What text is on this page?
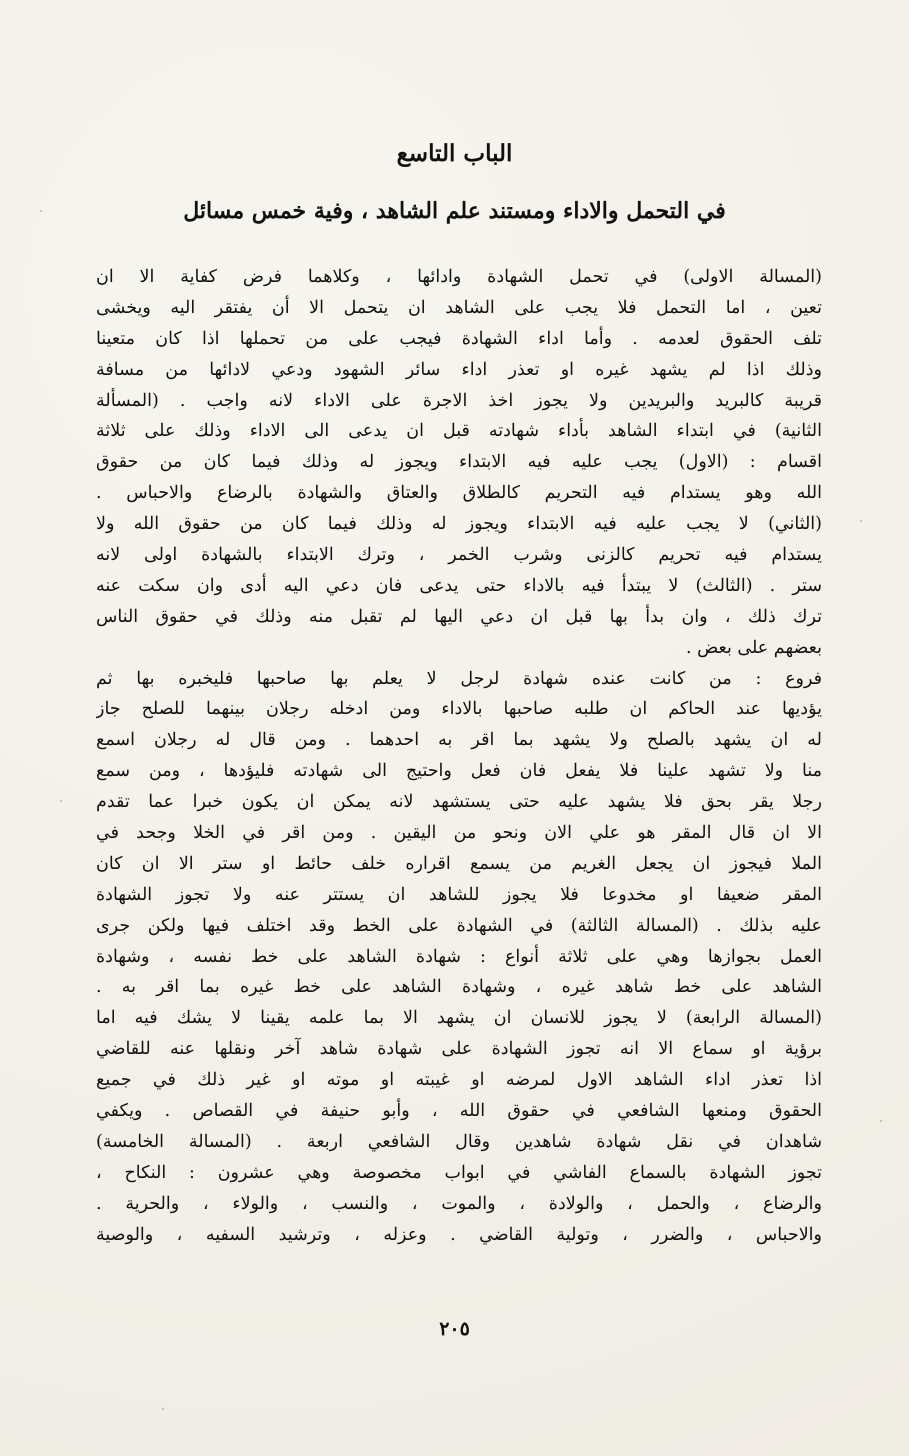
الباب التاسع
في التحمل والاداء ومستند علم الشاهد ، وفية خمس مسائل
(المسالة الاولى) في تحمل الشهادة وادائها ، وكلاهما فرض كفاية الا ان
تعين ، اما التحمل فلا يجب على الشاهد ان يتحمل الا أن يفتقر اليه ويخشى
تلف الحقوق لعدمه . وأما اداء الشهادة فيجب على من تحملها اذا كان متعينا
وذلك اذا لم يشهد غيره او تعذر اداء سائر الشهود ودعي لادائها من مسافة
قريبة كالبريد والبريدين ولا يجوز اخذ الاجرة على الاداء لانه واجب . (المسألة
الثانية) في ابتداء الشاهد بأداء شهادته قبل ان يدعى الى الاداء وذلك على ثلاثة
اقسام : (الاول) يجب عليه فيه الابتداء ويجوز له وذلك فيما كان من حقوق
الله وهو يستدام فيه التحريم كالطلاق والعتاق والشهادة بالرضاع والاحباس .
(الثاني) لا يجب عليه فيه الابتداء ويجوز له وذلك فيما كان من حقوق الله ولا
يستدام فيه تحريم كالزنى وشرب الخمر ، وترك الابتداء بالشهادة اولى لانه
ستر . (الثالث) لا يبتدأ فيه بالاداء حتى يدعى فان دعي اليه أدى وان سكت عنه
ترك ذلك ، وان بدأ بها قبل ان دعي اليها لم تقبل منه وذلك في حقوق الناس
بعضهم على بعض .
فروع : من كانت عنده شهادة لرجل لا يعلم بها صاحبها فليخبره بها ثم
يؤديها عند الحاكم ان طلبه صاحبها بالاداء ومن ادخله رجلان بينهما للصلح جاز
له ان يشهد بالصلح ولا يشهد بما اقر به احدهما . ومن قال له رجلان اسمع
منا ولا تشهد علينا فلا يفعل فان فعل واحتيج الى شهادته فليؤدها ، ومن سمع
رجلا يقر بحق فلا يشهد عليه حتى يستشهد لانه يمكن ان يكون خبرا عما تقدم
الا ان قال المقر هو علي الان ونحو من اليقين . ومن اقر في الخلا وجحد في
الملا فيجوز ان يجعل الغريم من يسمع اقراره خلف حائط او ستر الا ان كان
المقر ضعيفا او مخدوعا فلا يجوز للشاهد ان يستتر عنه ولا تجوز الشهادة
عليه بذلك . (المسالة الثالثة) في الشهادة على الخط وقد اختلف فيها ولكن جرى
العمل بجوازها وهي على ثلاثة أنواع : شهادة الشاهد على خط نفسه ، وشهادة
الشاهد على خط شاهد غيره ، وشهادة الشاهد على خط غيره بما اقر به .
(المسالة الرابعة) لا يجوز للانسان ان يشهد الا بما علمه يقينا لا يشك فيه اما
برؤية او سماع الا انه تجوز الشهادة على شهادة شاهد آخر ونقلها عنه للقاضي
اذا تعذر اداء الشاهد الاول لمرضه او غيبته او موته او غير ذلك في جميع
الحقوق ومنعها الشافعي في حقوق الله ، وأبو حنيفة في القصاص . ويكفي
شاهدان في نقل شهادة شاهدين وقال الشافعي اربعة . (المسالة الخامسة)
تجوز الشهادة بالسماع الفاشي في ابواب مخصوصة وهي عشرون : النكاح ،
والرضاع ، والحمل ، والولادة ، والموت ، والنسب ، والولاء ، والحرية .
والاحباس ، والضرر ، وتولية القاضي . وعزله ، وترشيد السفيه ، والوصية
٢٠٥
